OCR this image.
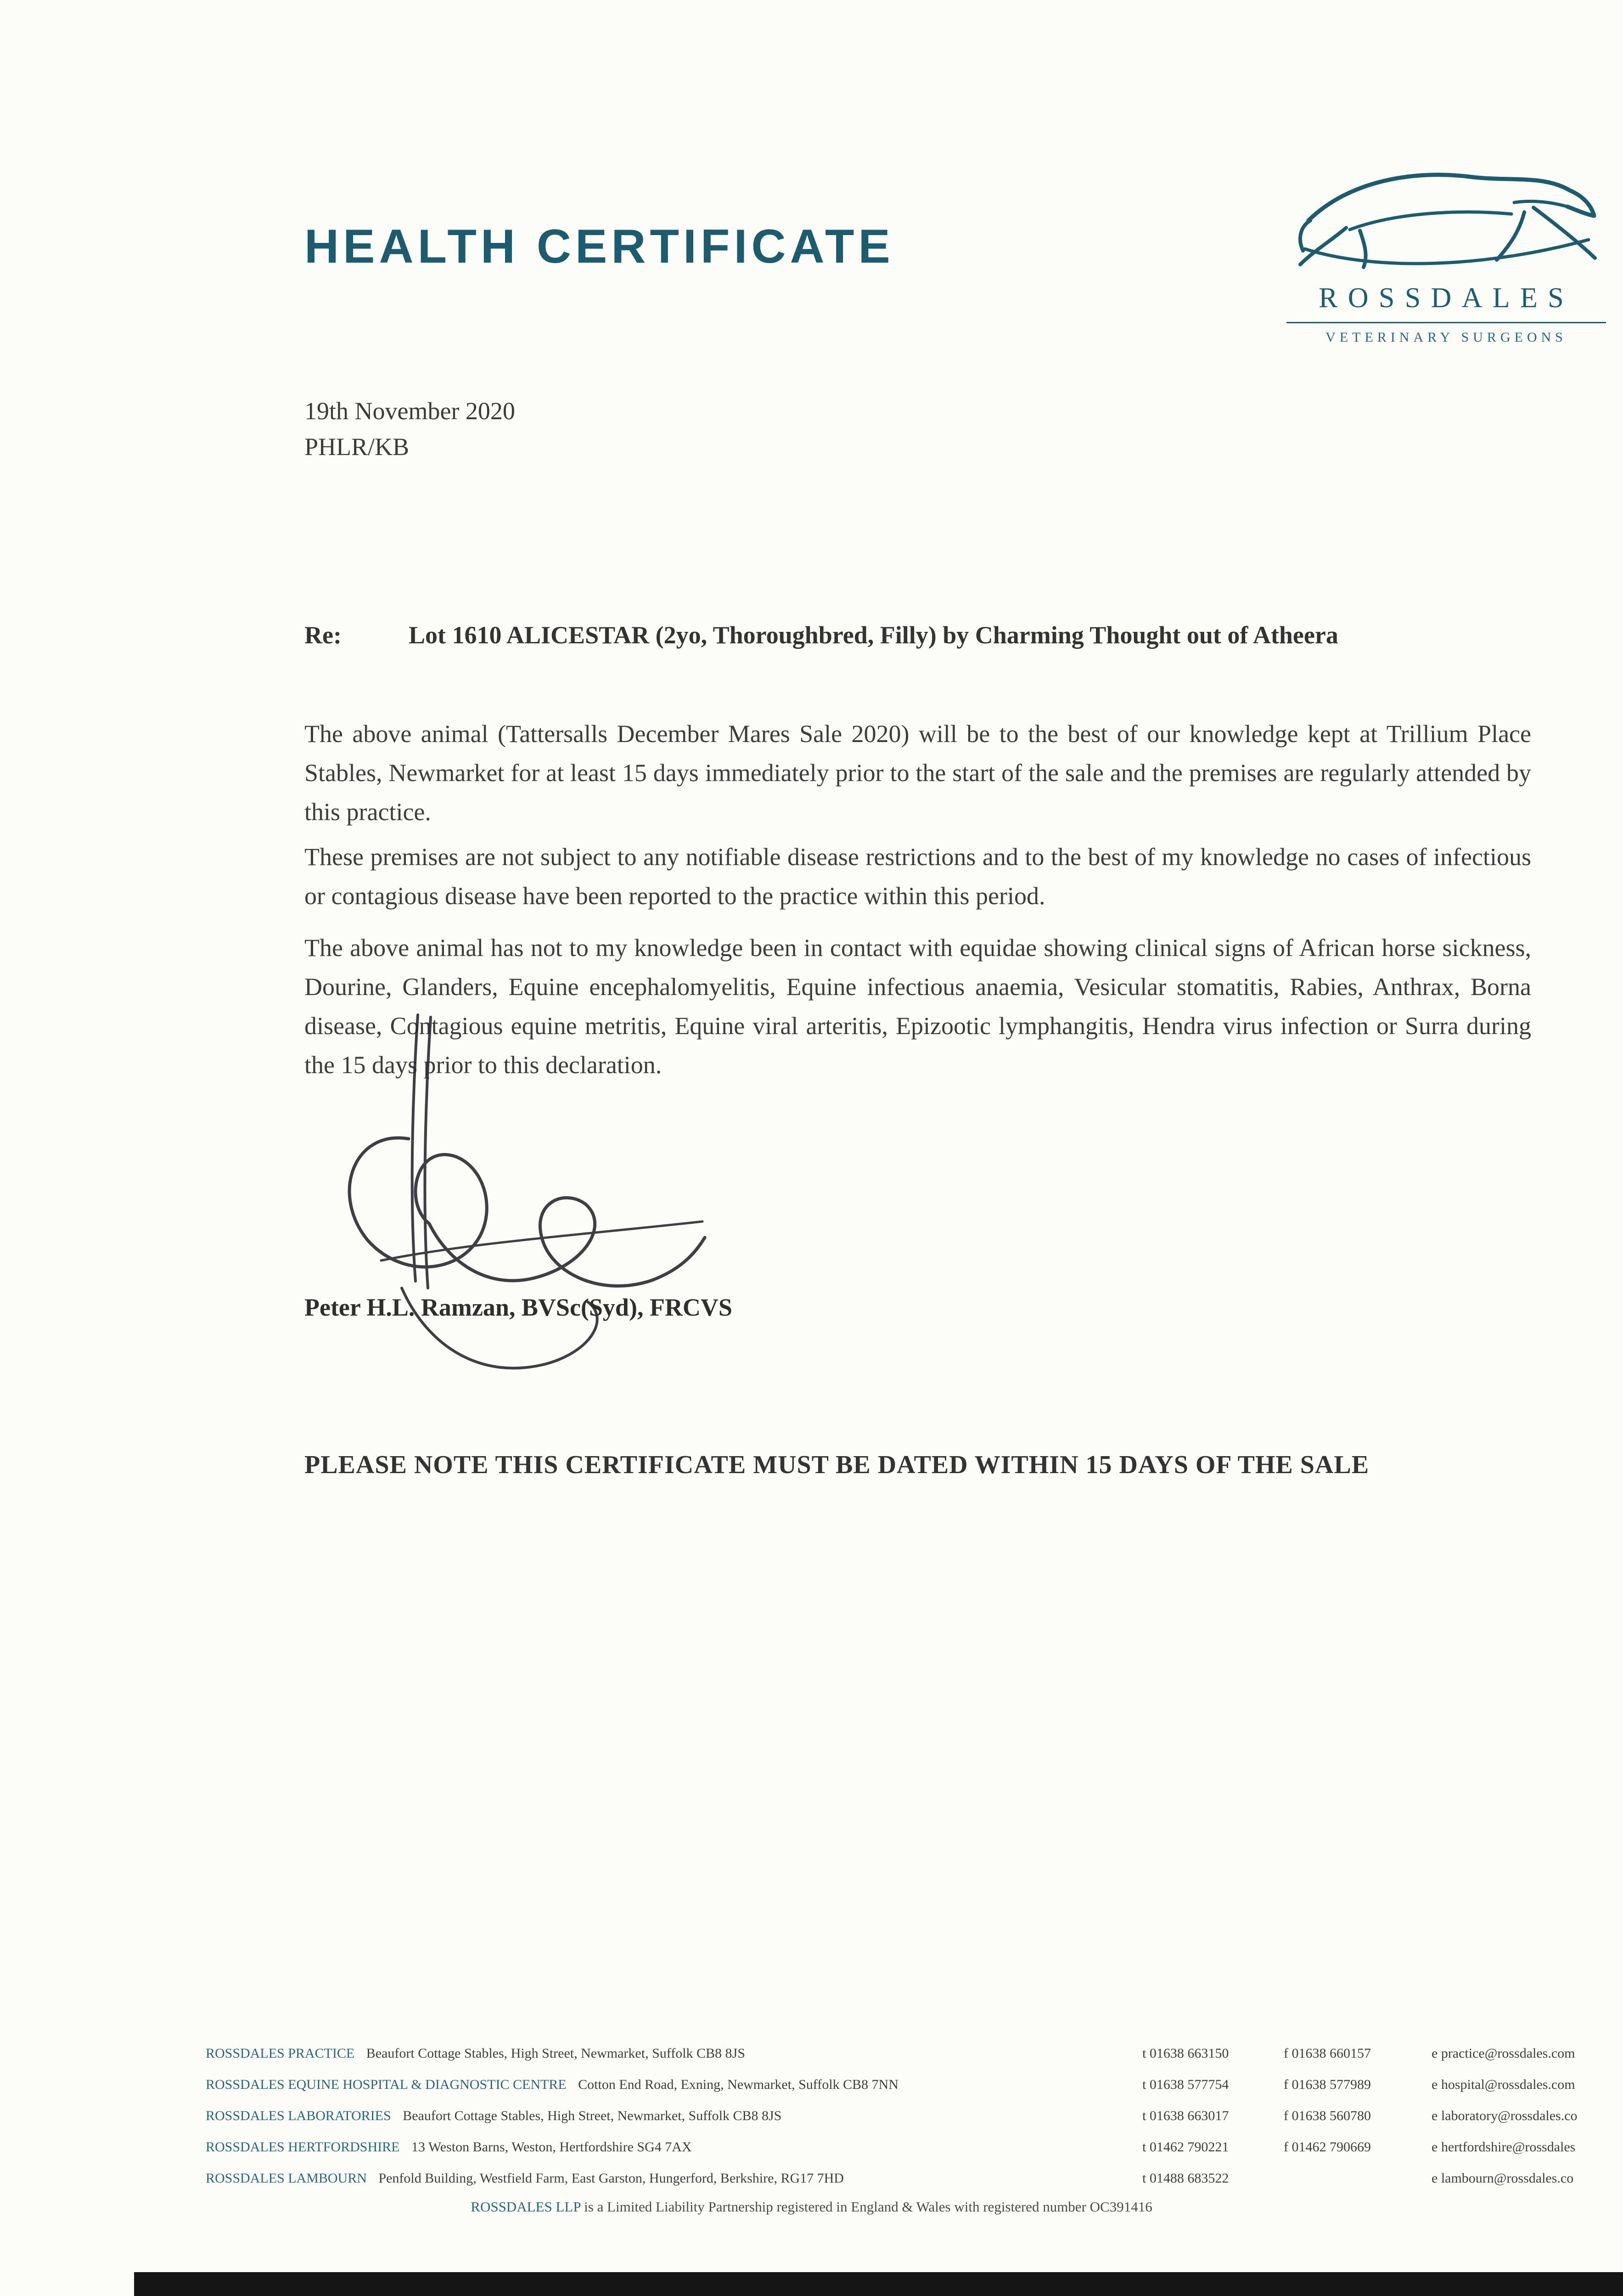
HEALTH CERTIFICATE
ROSSDALES
VETERINARY SURGEONS
19th November 2020
PHLR/KB
Re:	Lot 1610 ALICESTAR (2yo, Thoroughbred, Filly) by Charming Thought out of Atheera
The above animal (Tattersalls December Mares Sale 2020) will be to the best of our knowledge kept at Trillium Place Stables, Newmarket for at least 15 days immediately prior to the start of the sale and the premises are regularly attended by this practice.
These premises are not subject to any notifiable disease restrictions and to the best of my knowledge no cases of infectious or contagious disease have been reported to the practice within this period.
The above animal has not to my knowledge been in contact with equidae showing clinical signs of African horse sickness, Dourine, Glanders, Equine encephalomyelitis, Equine infectious anaemia, Vesicular stomatitis, Rabies, Anthrax, Borna disease, Contagious equine metritis, Equine viral arteritis, Epizootic lymphangitis, Hendra virus infection or Surra during the 15 days prior to this declaration.
Peter H.L. Ramzan, BVSc(Syd), FRCVS
PLEASE NOTE THIS CERTIFICATE MUST BE DATED WITHIN 15 DAYS OF THE SALE
ROSSDALES PRACTICE Beaufort Cottage Stables, High Street, Newmarket, Suffolk CB8 8JS	t 01638 663150	f 01638 660157	e practice@rossdales.com
ROSSDALES EQUINE HOSPITAL & DIAGNOSTIC CENTRE Cotton End Road, Exning, Newmarket, Suffolk CB8 7NN	t 01638 577754	f 01638 577989	e hospital@rossdales.com
ROSSDALES LABORATORIES Beaufort Cottage Stables, High Street, Newmarket, Suffolk CB8 8JS	t 01638 663017	f 01638 560780	e laboratory@rossdales.co
ROSSDALES HERTFORDSHIRE 13 Weston Barns, Weston, Hertfordshire SG4 7AX	t 01462 790221	f 01462 790669	e hertfordshire@rossdales
ROSSDALES LAMBOURN Penfold Building, Westfield Farm, East Garston, Hungerford, Berkshire, RG17 7HD	t 01488 683522	e lambourn@rossdales.co
ROSSDALES LLP is a Limited Liability Partnership registered in England & Wales with registered number OC391416
